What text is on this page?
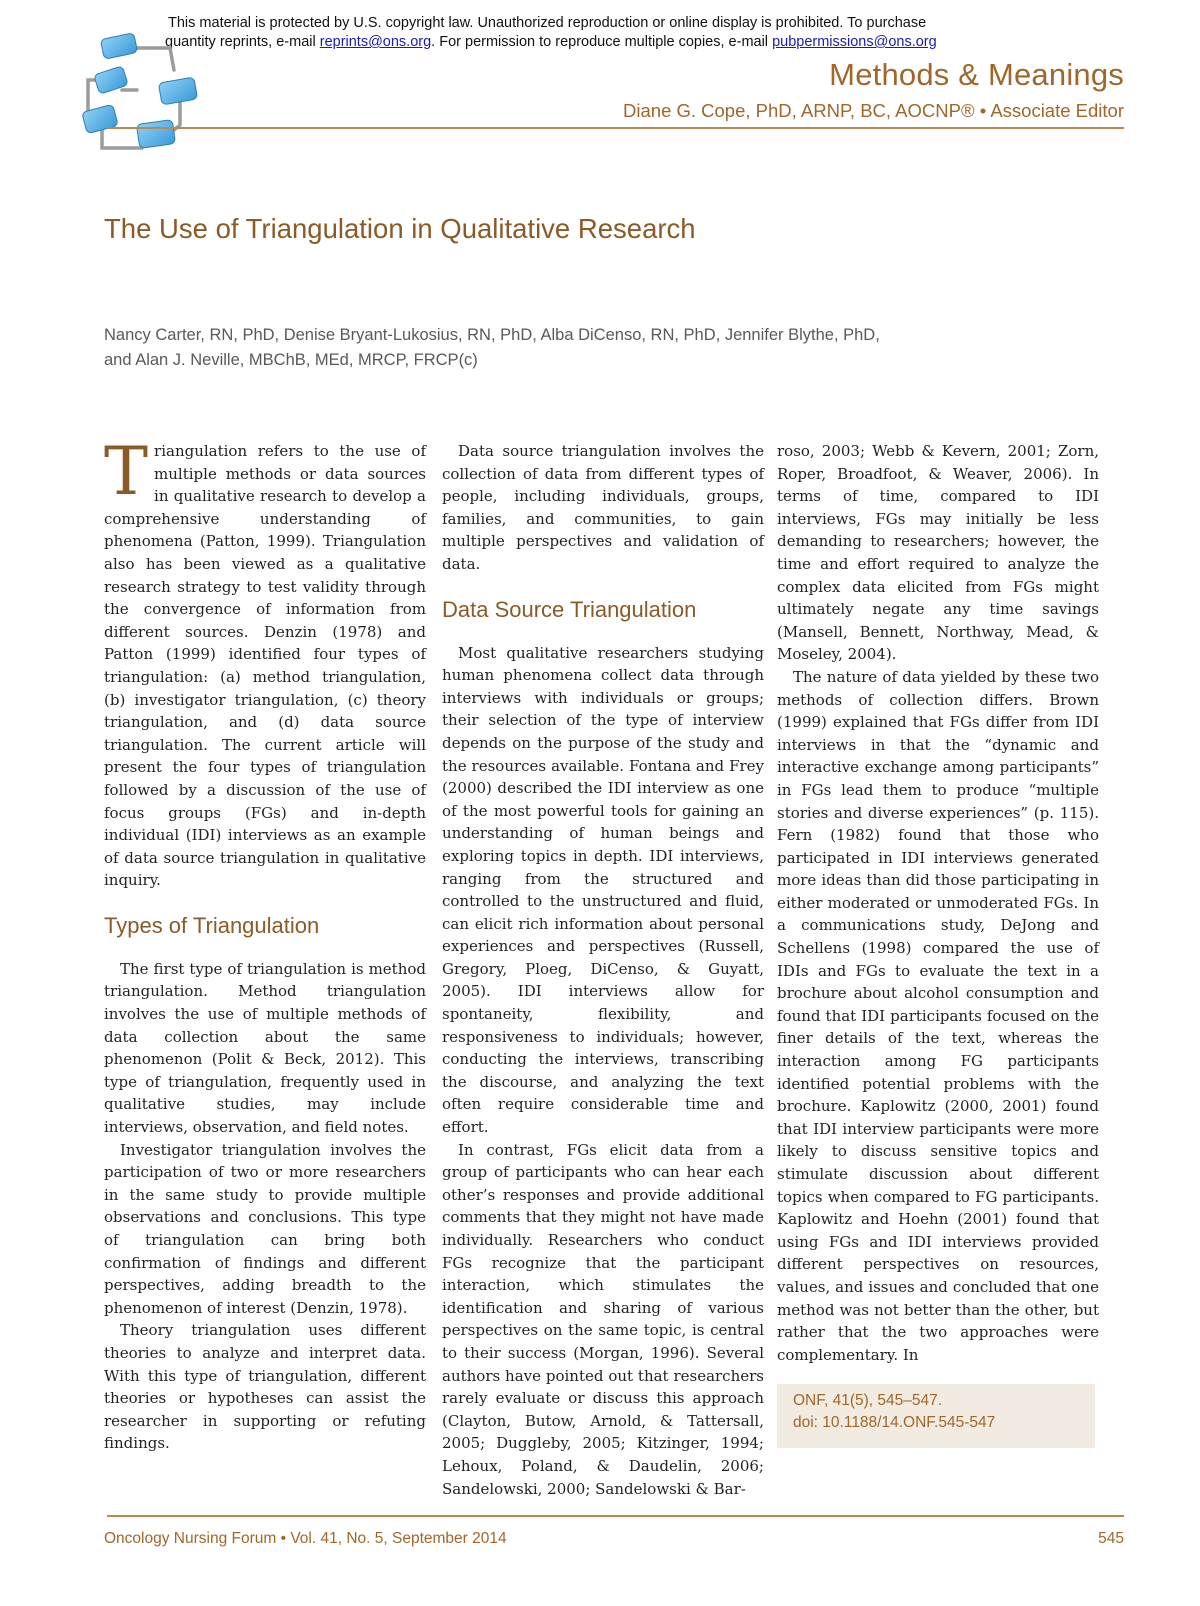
This material is protected by U.S. copyright law. Unauthorized reproduction or online display is prohibited. To purchase
quantity reprints, e-mail reprints@ons.org. For permission to reproduce multiple copies, e-mail pubpermissions@ons.org
Methods & Meanings
Diane G. Cope, PhD, ARNP, BC, AOCNP® • Associate Editor
The Use of Triangulation in Qualitative Research
Nancy Carter, RN, PhD, Denise Bryant-Lukosius, RN, PhD, Alba DiCenso, RN, PhD, Jennifer Blythe, PhD,
and Alan J. Neville, MBChB, MEd, MRCP, FRCP(c)

Triangulation refers to the use of multiple methods or data sources in qualitative research to develop a comprehensive understanding of phenomena (Patton, 1999). Triangulation also has been viewed as a qualitative research strategy to test validity through the convergence of information from different sources. Denzin (1978) and Patton (1999) identified four types of triangulation: (a) method triangulation, (b) investigator triangulation, (c) theory triangulation, and (d) data source triangulation. The current article will present the four types of triangulation followed by a discussion of the use of focus groups (FGs) and in-depth individual (IDI) interviews as an example of data source triangulation in qualitative inquiry.

Types of Triangulation

The first type of triangulation is method triangulation. Method triangulation involves the use of multiple methods of data collection about the same phenomenon (Polit & Beck, 2012). This type of triangulation, frequently used in qualitative studies, may include interviews, observation, and field notes.

Investigator triangulation involves the participation of two or more researchers in the same study to provide multiple observations and conclusions. This type of triangulation can bring both confirmation of findings and different perspectives, adding breadth to the phenomenon of interest (Denzin, 1978).

Theory triangulation uses different theories to analyze and interpret data. With this type of triangulation, different theories or hypotheses can assist the researcher in supporting or refuting findings.

Data source triangulation involves the collection of data from different types of people, including individuals, groups, families, and communities, to gain multiple perspectives and validation of data.

Data Source Triangulation

Most qualitative researchers studying human phenomena collect data through interviews with individuals or groups; their selection of the type of interview depends on the purpose of the study and the resources available. Fontana and Frey (2000) described the IDI interview as one of the most powerful tools for gaining an understanding of human beings and exploring topics in depth. IDI interviews, ranging from the structured and controlled to the unstructured and fluid, can elicit rich information about personal experiences and perspectives (Russell, Gregory, Ploeg, DiCenso, & Guyatt, 2005). IDI interviews allow for spontaneity, flexibility, and responsiveness to individuals; however, conducting the interviews, transcribing the discourse, and analyzing the text often require considerable time and effort.

In contrast, FGs elicit data from a group of participants who can hear each other’s responses and provide additional comments that they might not have made individually. Researchers who conduct FGs recognize that the participant interaction, which stimulates the identification and sharing of various perspectives on the same topic, is central to their success (Morgan, 1996). Several authors have pointed out that researchers rarely evaluate or discuss this approach (Clayton, Butow, Arnold, & Tattersall, 2005; Duggleby, 2005; Kitzinger, 1994; Lehoux, Poland, & Daudelin, 2006; Sandelowski, 2000; Sandelowski & Bar-

roso, 2003; Webb & Kevern, 2001; Zorn, Roper, Broadfoot, & Weaver, 2006). In terms of time, compared to IDI interviews, FGs may initially be less demanding to researchers; however, the time and effort required to analyze the complex data elicited from FGs might ultimately negate any time savings (Mansell, Bennett, Northway, Mead, & Moseley, 2004).

The nature of data yielded by these two methods of collection differs. Brown (1999) explained that FGs differ from IDI interviews in that the “dynamic and interactive exchange among participants” in FGs lead them to produce “multiple stories and diverse experiences” (p. 115). Fern (1982) found that those who participated in IDI interviews generated more ideas than did those participating in either moderated or unmoderated FGs. In a communications study, DeJong and Schellens (1998) compared the use of IDIs and FGs to evaluate the text in a brochure about alcohol consumption and found that IDI participants focused on the finer details of the text, whereas the interaction among FG participants identified potential problems with the brochure. Kaplowitz (2000, 2001) found that IDI interview participants were more likely to discuss sensitive topics and stimulate discussion about different topics when compared to FG participants. Kaplowitz and Hoehn (2001) found that using FGs and IDI interviews provided different perspectives on resources, values, and issues and concluded that one method was not better than the other, but rather that the two approaches were complementary. In

ONF, 41(5), 545–547.
doi: 10.1188/14.ONF.545-547
Oncology Nursing Forum • Vol. 41, No. 5, September 2014	545
